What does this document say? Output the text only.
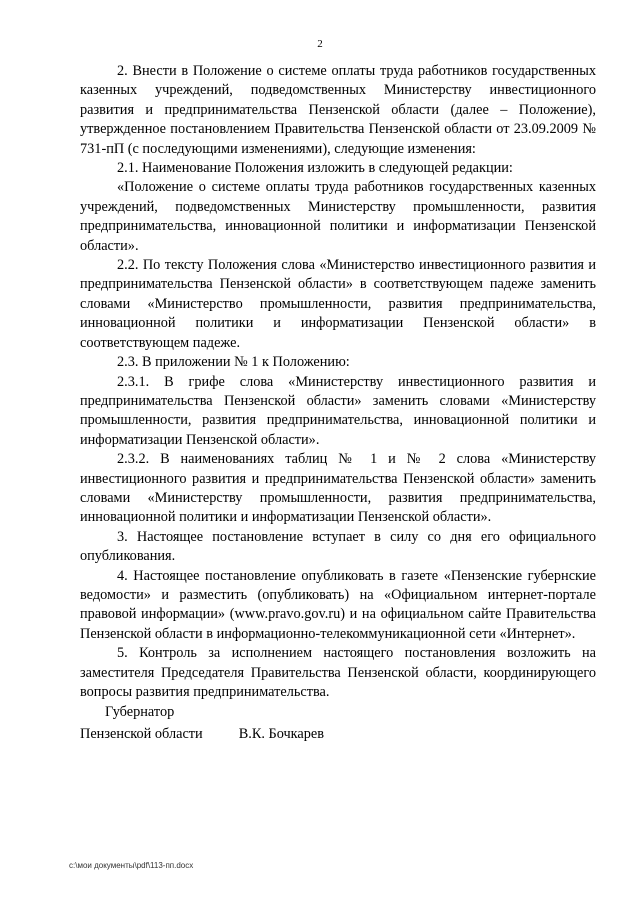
2

2. Внести в Положение о системе оплаты труда работников государственных казенных учреждений, подведомственных Министерству инвестиционного развития и предпринимательства Пензенской области (далее – Положение), утвержденное постановлением Правительства Пензенской области от 23.09.2009 № 731-пП (с последующими изменениями), следующие изменения:

2.1. Наименование Положения изложить в следующей редакции:

«Положение о системе оплаты труда работников государственных казенных учреждений, подведомственных Министерству промышленности, развития предпринимательства, инновационной политики и информатизации Пензенской области».

2.2. По тексту Положения слова «Министерство инвестиционного развития и предпринимательства Пензенской области» в соответствующем падеже заменить словами «Министерство промышленности, развития предпринимательства, инновационной политики и информатизации Пензенской области» в соответствующем падеже.

2.3. В приложении № 1 к Положению:

2.3.1. В грифе слова «Министерству инвестиционного развития и предпринимательства Пензенской области» заменить словами «Министерству промышленности, развития предпринимательства, инновационной политики и информатизации Пензенской области».

2.3.2. В наименованиях таблиц № 1 и № 2 слова «Министерству инвестиционного развития и предпринимательства Пензенской области» заменить словами «Министерству промышленности, развития предпринимательства, инновационной политики и информатизации Пензенской области».

3. Настоящее постановление вступает в силу со дня его официального опубликования.

4. Настоящее постановление опубликовать в газете «Пензенские губернские ведомости» и разместить (опубликовать) на «Официальном интернет-портале правовой информации» (www.pravo.gov.ru) и на официальном сайте Правительства Пензенской области в информационно-телекоммуникационной сети «Интернет».

5. Контроль за исполнением настоящего постановления возложить на заместителя Председателя Правительства Пензенской области, координирующего вопросы развития предпринимательства.

Губернатор
Пензенской области	В.К. Бочкарев
c:\мои документы\pdf\113-пп.docx
